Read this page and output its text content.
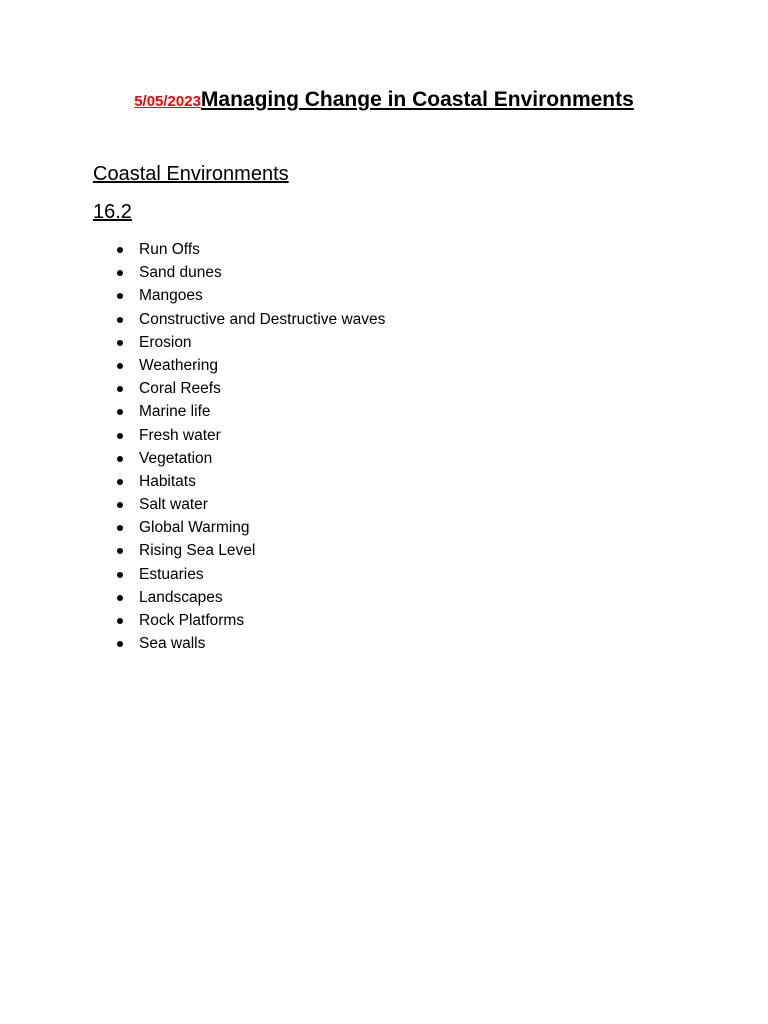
5/05/2023Managing Change in Coastal Environments
Coastal Environments
16.2
Run Offs
Sand dunes
Mangoes
Constructive and Destructive waves
Erosion
Weathering
Coral Reefs
Marine life
Fresh water
Vegetation
Habitats
Salt water
Global Warming
Rising Sea Level
Estuaries
Landscapes
Rock Platforms
Sea walls
